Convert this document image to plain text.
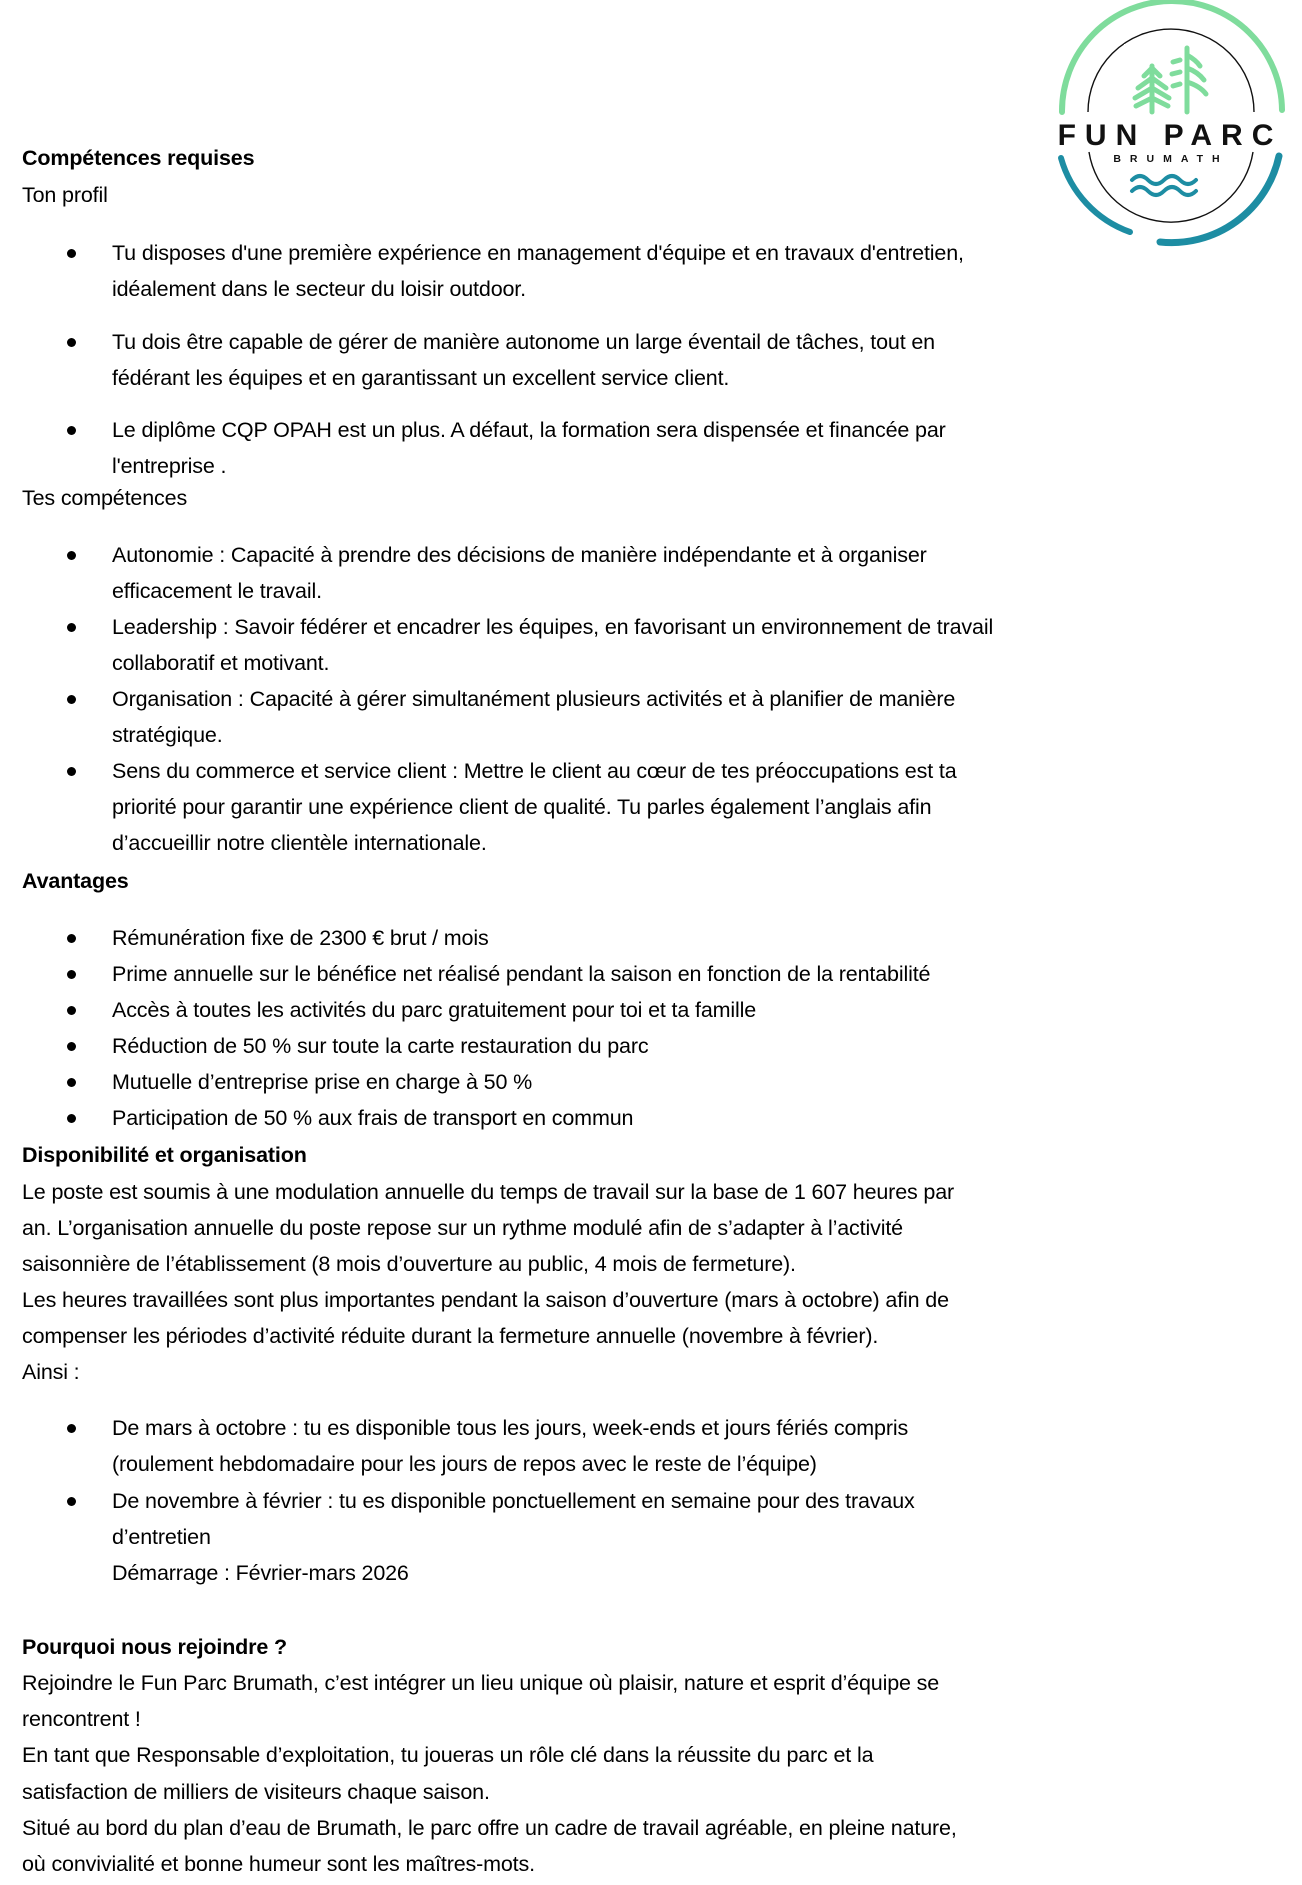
FUN PARC
BRUMATH
Compétences requises
Ton profil
Tu disposes d'une première expérience en management d'équipe et en travaux d'entretien,
idéalement dans le secteur du loisir outdoor.
Tu dois être capable de gérer de manière autonome un large éventail de tâches, tout en
fédérant les équipes et en garantissant un excellent service client.
Le diplôme CQP OPAH est un plus. A défaut, la formation sera dispensée et financée par
l'entreprise .
Tes compétences
Autonomie : Capacité à prendre des décisions de manière indépendante et à organiser
efficacement le travail.
Leadership : Savoir fédérer et encadrer les équipes, en favorisant un environnement de travail
collaboratif et motivant.
Organisation : Capacité à gérer simultanément plusieurs activités et à planifier de manière
stratégique.
Sens du commerce et service client : Mettre le client au cœur de tes préoccupations est ta
priorité pour garantir une expérience client de qualité. Tu parles également l’anglais afin
d’accueillir notre clientèle internationale.
Avantages
Rémunération fixe de 2300 € brut / mois
Prime annuelle sur le bénéfice net réalisé pendant la saison en fonction de la rentabilité
Accès à toutes les activités du parc gratuitement pour toi et ta famille
Réduction de 50 % sur toute la carte restauration du parc
Mutuelle d’entreprise prise en charge à 50 %
Participation de 50 % aux frais de transport en commun
Disponibilité et organisation
Le poste est soumis à une modulation annuelle du temps de travail sur la base de 1 607 heures par
an. L’organisation annuelle du poste repose sur un rythme modulé afin de s’adapter à l’activité
saisonnière de l’établissement (8 mois d’ouverture au public, 4 mois de fermeture).
Les heures travaillées sont plus importantes pendant la saison d’ouverture (mars à octobre) afin de
compenser les périodes d’activité réduite durant la fermeture annuelle (novembre à février).
Ainsi :
De mars à octobre : tu es disponible tous les jours, week-ends et jours fériés compris
(roulement hebdomadaire pour les jours de repos avec le reste de l’équipe)
De novembre à février : tu es disponible ponctuellement en semaine pour des travaux
d’entretien
Démarrage : Février-mars 2026
Pourquoi nous rejoindre ?
Rejoindre le Fun Parc Brumath, c’est intégrer un lieu unique où plaisir, nature et esprit d’équipe se
rencontrent !
En tant que Responsable d’exploitation, tu joueras un rôle clé dans la réussite du parc et la
satisfaction de milliers de visiteurs chaque saison.
Situé au bord du plan d’eau de Brumath, le parc offre un cadre de travail agréable, en pleine nature,
où convivialité et bonne humeur sont les maîtres-mots.
